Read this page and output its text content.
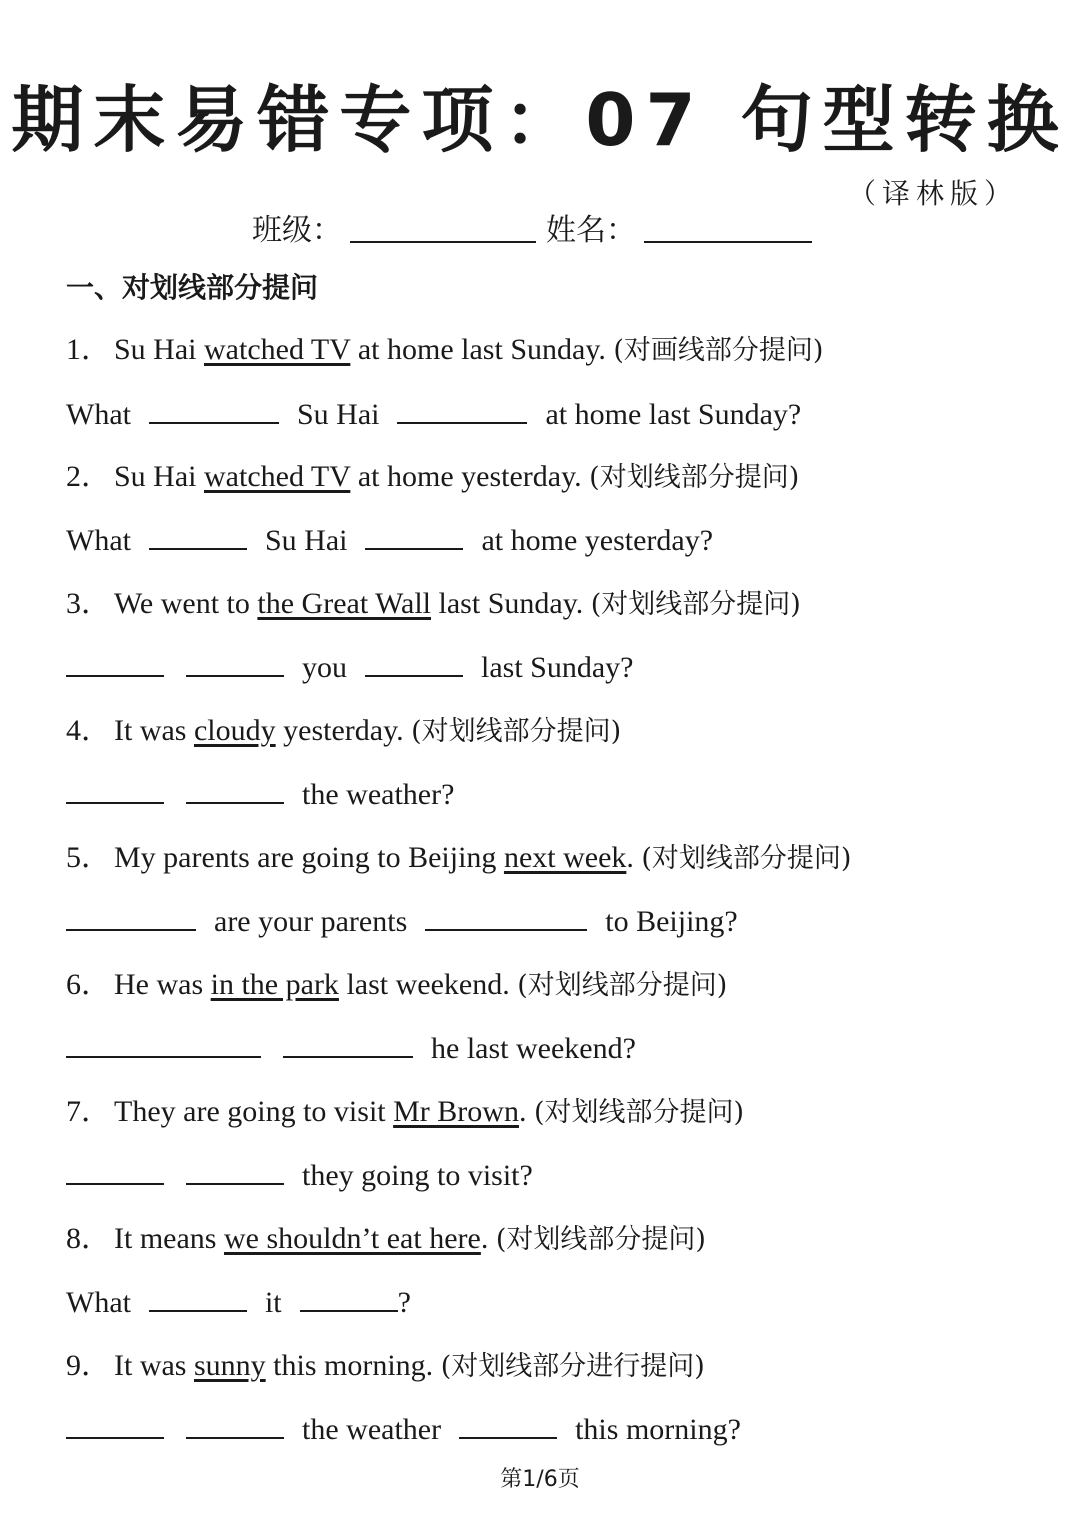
期末易错专项：07 句型转换
（译林版）
班级：	姓名：
一、对划线部分提问
1． Su Hai watched TV at home last Sunday. (对画线部分提问)
What	Su Hai	at home last Sunday?
2． Su Hai watched TV at home yesterday. (对划线部分提问)
What	Su Hai	at home yesterday?
3． We went to the Great Wall last Sunday. (对划线部分提问)
you	last Sunday?
4． It was cloudy yesterday. (对划线部分提问)
the weather?
5． My parents are going to Beijing next week. (对划线部分提问)
are your parents	to Beijing?
6． He was in the park last weekend. (对划线部分提问)
he last weekend?
7． They are going to visit Mr Brown. (对划线部分提问)
they going to visit?
8． It means we shouldn’t eat here. (对划线部分提问)
What	it	?
9． It was sunny this morning. (对划线部分进行提问)
the weather	this morning?
第1/6页
